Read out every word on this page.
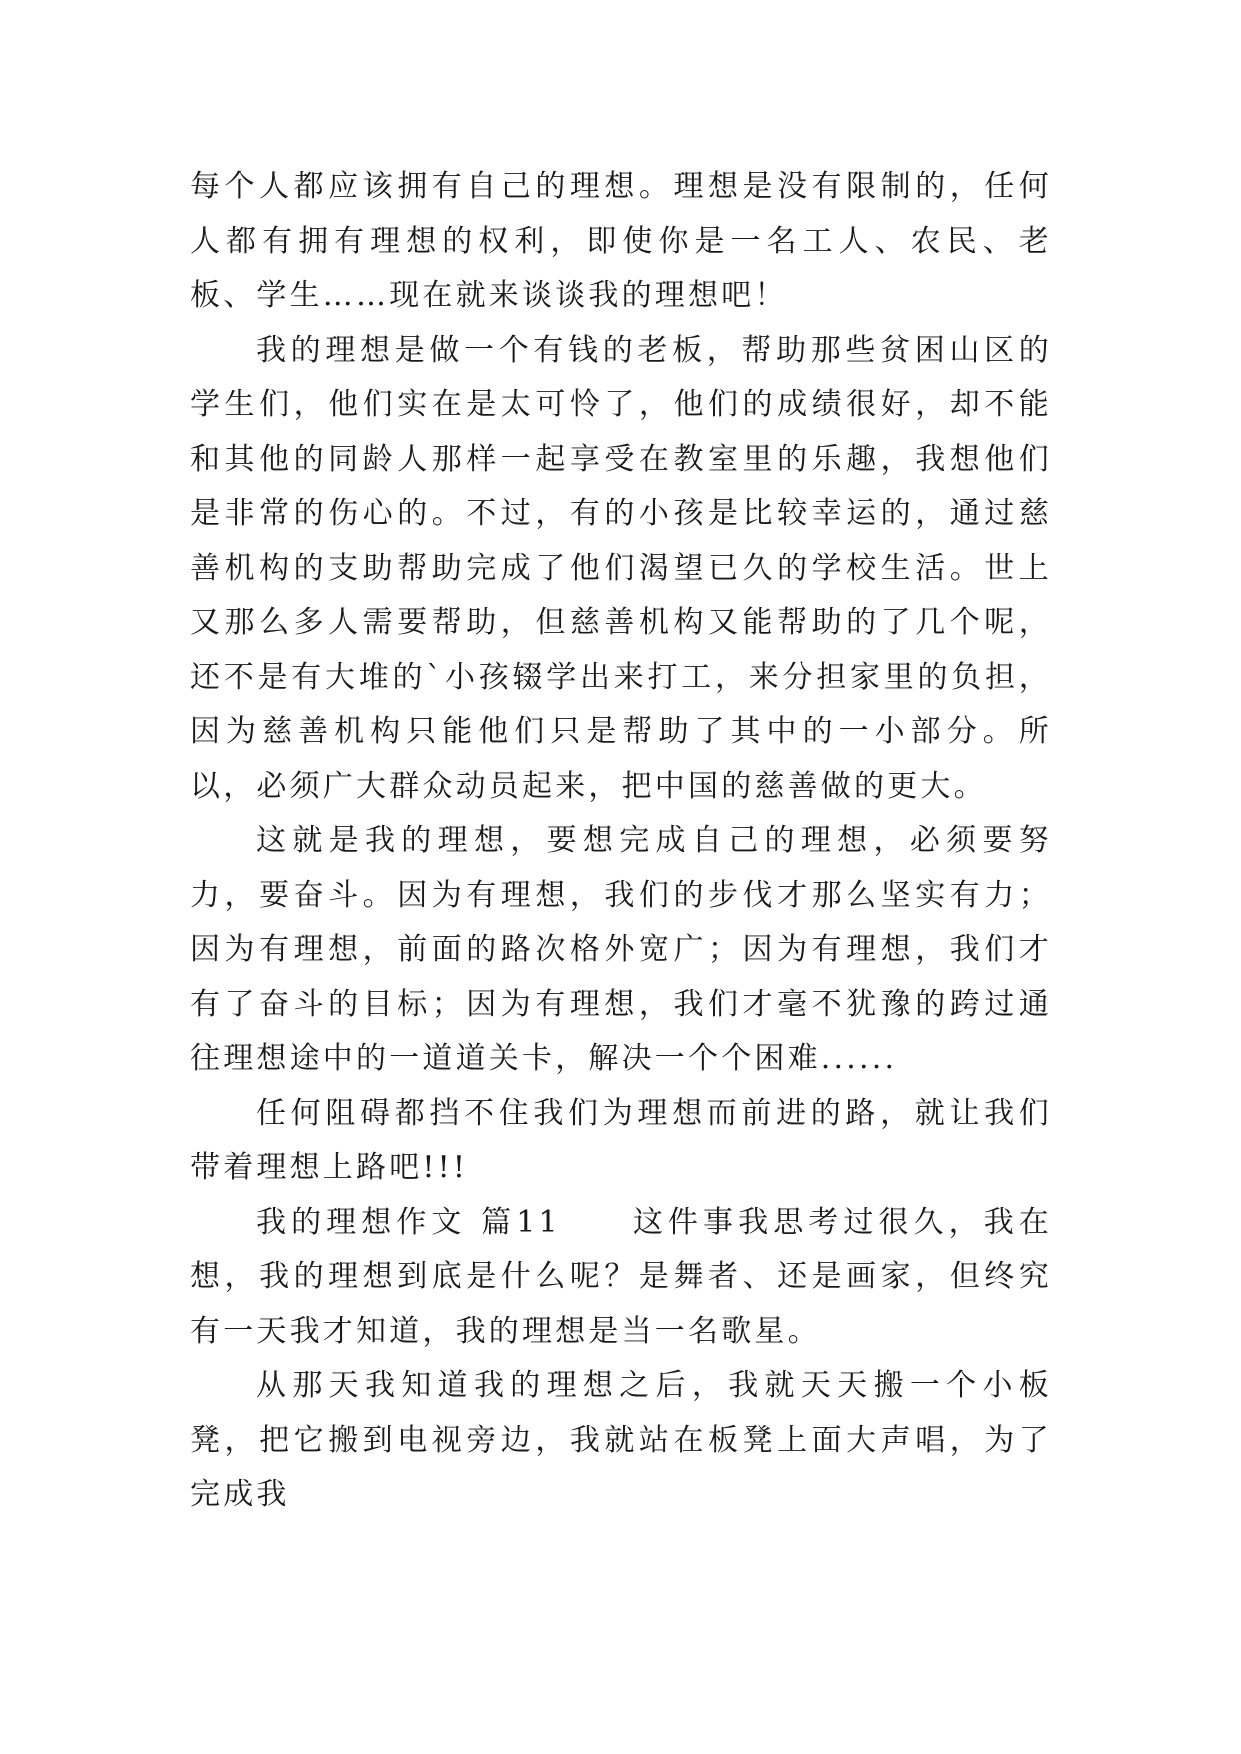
每个人都应该拥有自己的理想。理想是没有限制的，任何人都有拥有理想的权利，即使你是一名工人、农民、老板、学生……现在就来谈谈我的理想吧！

我的理想是做一个有钱的老板，帮助那些贫困山区的学生们，他们实在是太可怜了，他们的成绩很好，却不能和其他的同龄人那样一起享受在教室里的乐趣，我想他们是非常的伤心的。不过，有的小孩是比较幸运的，通过慈善机构的支助帮助完成了他们渴望已久的学校生活。世上又那么多人需要帮助，但慈善机构又能帮助的了几个呢，还不是有大堆的`小孩辍学出来打工，来分担家里的负担，因为慈善机构只能他们只是帮助了其中的一小部分。所以，必须广大群众动员起来，把中国的慈善做的更大。

这就是我的理想，要想完成自己的理想，必须要努力，要奋斗。因为有理想，我们的步伐才那么坚实有力；因为有理想，前面的路次格外宽广；因为有理想，我们才有了奋斗的目标；因为有理想，我们才毫不犹豫的跨过通往理想途中的一道道关卡，解决一个个困难......

任何阻碍都挡不住我们为理想而前进的路，就让我们带着理想上路吧!!!

我的理想作文 篇11　　这件事我思考过很久，我在想，我的理想到底是什么呢？是舞者、还是画家，但终究有一天我才知道，我的理想是当一名歌星。

从那天我知道我的理想之后，我就天天搬一个小板凳，把它搬到电视旁边，我就站在板凳上面大声唱，为了完成我
